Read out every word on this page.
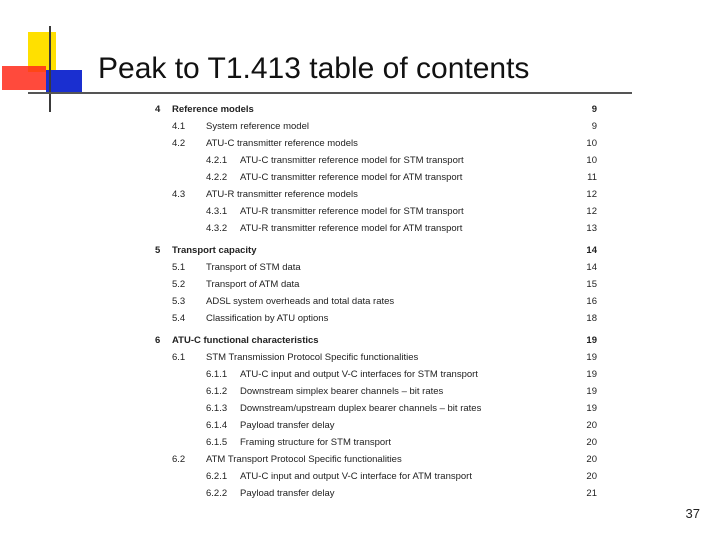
Peak to T1.413 table of contents
4 Reference models	9
4.1 System reference model	9
4.2 ATU-C transmitter reference models	10
4.2.1 ATU-C transmitter reference model for STM transport	10
4.2.2 ATU-C transmitter reference model for ATM transport	11
4.3 ATU-R transmitter reference models	12
4.3.1 ATU-R transmitter reference model for STM transport	12
4.3.2 ATU-R transmitter reference model for ATM transport	13
5 Transport capacity	14
5.1 Transport of STM data	14
5.2 Transport of ATM data	15
5.3 ADSL system overheads and total data rates	16
5.4 Classification by ATU options	18
6 ATU-C functional characteristics	19
6.1 STM Transmission Protocol Specific functionalities	19
6.1.1 ATU-C input and output V-C interfaces for STM transport	19
6.1.2 Downstream simplex bearer channels – bit rates	19
6.1.3 Downstream/upstream duplex bearer channels – bit rates	19
6.1.4 Payload transfer delay	20
6.1.5 Framing structure for STM transport	20
6.2 ATM Transport Protocol Specific functionalities	20
6.2.1 ATU-C input and output V-C interface for ATM transport	20
6.2.2 Payload transfer delay	21
37
